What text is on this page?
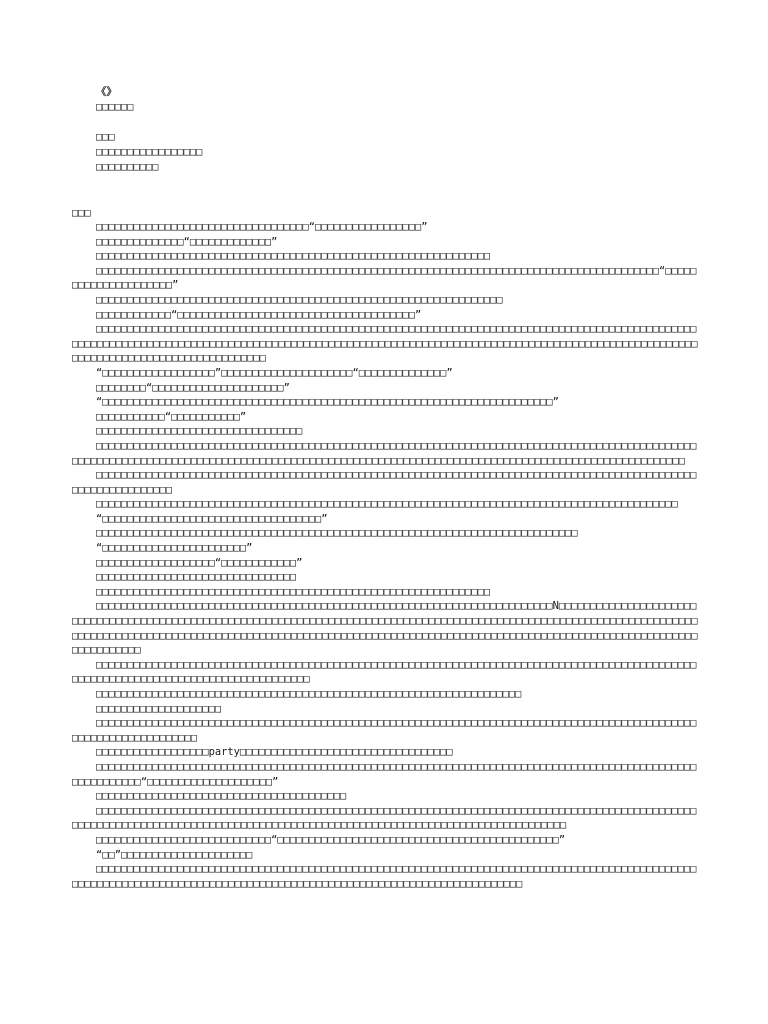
《》
□□□□□□
□□□
□□□□□□□□□□□□□□□□□
□□□□□□□□□□
□□□

□□□□□□□□□□□□□□□□□□□□□□□□□□□□□□□□□□“□□□□□□□□□□□□□□□□□”

□□□□□□□□□□□□□□“□□□□□□□□□□□□□”

□□□□□□□□□□□□□□□□□□□□□□□□□□□□□□□□□□□□□□□□□□□□□□□□□□□□□□□□□□□□□□□

□□□□□□□□□□□□□□□□□□□□□□□□□□□□□□□□□□□□□□□□□□□□□□□□□□□□□□□□□□□□□□□□□□□□□□□□□□□□□□□□□□□□□□□□□□“□□□□□□□□□□□□□□□□□□□□□”

□□□□□□□□□□□□□□□□□□□□□□□□□□□□□□□□□□□□□□□□□□□□□□□□□□□□□□□□□□□□□□□□□

□□□□□□□□□□□□“□□□□□□□□□□□□□□□□□□□□□□□□□□□□□□□□□□□□□□”

□□□□□□□□□□□□□□□□□□□□□□□□□□□□□□□□□□□□□□□□□□□□□□□□□□□□□□□□□□□□□□□□□□□□□□□□□□□□□□□□□□□□□□□□□□□□□□□□□□□□□□□□□□□□□□□□□□□□□□□□□□□□□□□□□□□□□□□□□□□□□□□□□□□□□□□□□□□□□□□□□□□□□□□□□□□□□□□□□□□□□□□□□□□□□□□□□□□□□□□□□□□□□□□□□□□□□□□□□□□□□□□□□□□

“□□□□□□□□□□□□□□□□□□”□□□□□□□□□□□□□□□□□□□□□“□□□□□□□□□□□□□□”

□□□□□□□□“□□□□□□□□□□□□□□□□□□□□□”

“□□□□□□□□□□□□□□□□□□□□□□□□□□□□□□□□□□□□□□□□□□□□□□□□□□□□□□□□□□□□□□□□□□□□□□□□”

□□□□□□□□□□□“□□□□□□□□□□□”

□□□□□□□□□□□□□□□□□□□□□□□□□□□□□□□□□

□□□□□□□□□□□□□□□□□□□□□□□□□□□□□□□□□□□□□□□□□□□□□□□□□□□□□□□□□□□□□□□□□□□□□□□□□□□□□□□□□□□□□□□□□□□□□□□□□□□□□□□□□□□□□□□□□□□□□□□□□□□□□□□□□□□□□□□□□□□□□□□□□□□□□□□□□□□□□□□□□□□□□□□□□□□□□□□□□□□□□□□□□□□□□□□□□□

□□□□□□□□□□□□□□□□□□□□□□□□□□□□□□□□□□□□□□□□□□□□□□□□□□□□□□□□□□□□□□□□□□□□□□□□□□□□□□□□□□□□□□□□□□□□□□□□□□□□□□□□□□□□□□□□

□□□□□□□□□□□□□□□□□□□□□□□□□□□□□□□□□□□□□□□□□□□□□□□□□□□□□□□□□□□□□□□□□□□□□□□□□□□□□□□□□□□□□□□□□□□□□

“□□□□□□□□□□□□□□□□□□□□□□□□□□□□□□□□□□□”

□□□□□□□□□□□□□□□□□□□□□□□□□□□□□□□□□□□□□□□□□□□□□□□□□□□□□□□□□□□□□□□□□□□□□□□□□□□□□

“□□□□□□□□□□□□□□□□□□□□□□□”

□□□□□□□□□□□□□□□□□□□“□□□□□□□□□□□□”

□□□□□□□□□□□□□□□□□□□□□□□□□□□□□□□□

□□□□□□□□□□□□□□□□□□□□□□□□□□□□□□□□□□□□□□□□□□□□□□□□□□□□□□□□□□□□□□□

□□□□□□□□□□□□□□□□□□□□□□□□□□□□□□□□□□□□□□□□□□□□□□□□□□□□□□□□□□□□□□□□□□□□□□□□□N□□□□□□□□□□□□□□□□□□□□□□□□□□□□□□□□□□□□□□□□□□□□□□□□□□□□□□□□□□□□□□□□□□□□□□□□□□□□□□□□□□□□□□□□□□□□□□□□□□□□□□□□□□□□□□□□□□□□□□□□□□□□□□□□□□□□□□□□□□□□□□□□□□□□□□□□□□□□□□□□□□□□□□□□□□□□□□□□□□□□□□□□□□□□□□□□□□□□□□□□□□□□□□□□□□□□□□□□□□□□□□□□□□□□□□□□□

□□□□□□□□□□□□□□□□□□□□□□□□□□□□□□□□□□□□□□□□□□□□□□□□□□□□□□□□□□□□□□□□□□□□□□□□□□□□□□□□□□□□□□□□□□□□□□□□□□□□□□□□□□□□□□□□□□□□□□□□□□□□□□□□□□□□□□

□□□□□□□□□□□□□□□□□□□□□□□□□□□□□□□□□□□□□□□□□□□□□□□□□□□□□□□□□□□□□□□□□□□□

□□□□□□□□□□□□□□□□□□□□

□□□□□□□□□□□□□□□□□□□□□□□□□□□□□□□□□□□□□□□□□□□□□□□□□□□□□□□□□□□□□□□□□□□□□□□□□□□□□□□□□□□□□□□□□□□□□□□□□□□□□□□□□□□□□□□□□□□□

□□□□□□□□□□□□□□□□□□party□□□□□□□□□□□□□□□□□□□□□□□□□□□□□□□□□□

□□□□□□□□□□□□□□□□□□□□□□□□□□□□□□□□□□□□□□□□□□□□□□□□□□□□□□□□□□□□□□□□□□□□□□□□□□□□□□□□□□□□□□□□□□□□□□□□□□□□□□□□□□□“□□□□□□□□□□□□□□□□□□□□”

□□□□□□□□□□□□□□□□□□□□□□□□□□□□□□□□□□□□□□□□

□□□□□□□□□□□□□□□□□□□□□□□□□□□□□□□□□□□□□□□□□□□□□□□□□□□□□□□□□□□□□□□□□□□□□□□□□□□□□□□□□□□□□□□□□□□□□□□□□□□□□□□□□□□□□□□□□□□□□□□□□□□□□□□□□□□□□□□□□□□□□□□□□□□□□□□□□□□□□□□□□□□□□□□□□□□□□□□

□□□□□□□□□□□□□□□□□□□□□□□□□□□□“□□□□□□□□□□□□□□□□□□□□□□□□□□□□□□□□□□□□□□□□□□□□□”

“□□”□□□□□□□□□□□□□□□□□□□□□

□□□□□□□□□□□□□□□□□□□□□□□□□□□□□□□□□□□□□□□□□□□□□□□□□□□□□□□□□□□□□□□□□□□□□□□□□□□□□□□□□□□□□□□□□□□□□□□□□□□□□□□□□□□□□□□□□□□□□□□□□□□□□□□□□□□□□□□□□□□□□□□□□□□□□□□□□□□□□□□□□□□□□□□□
